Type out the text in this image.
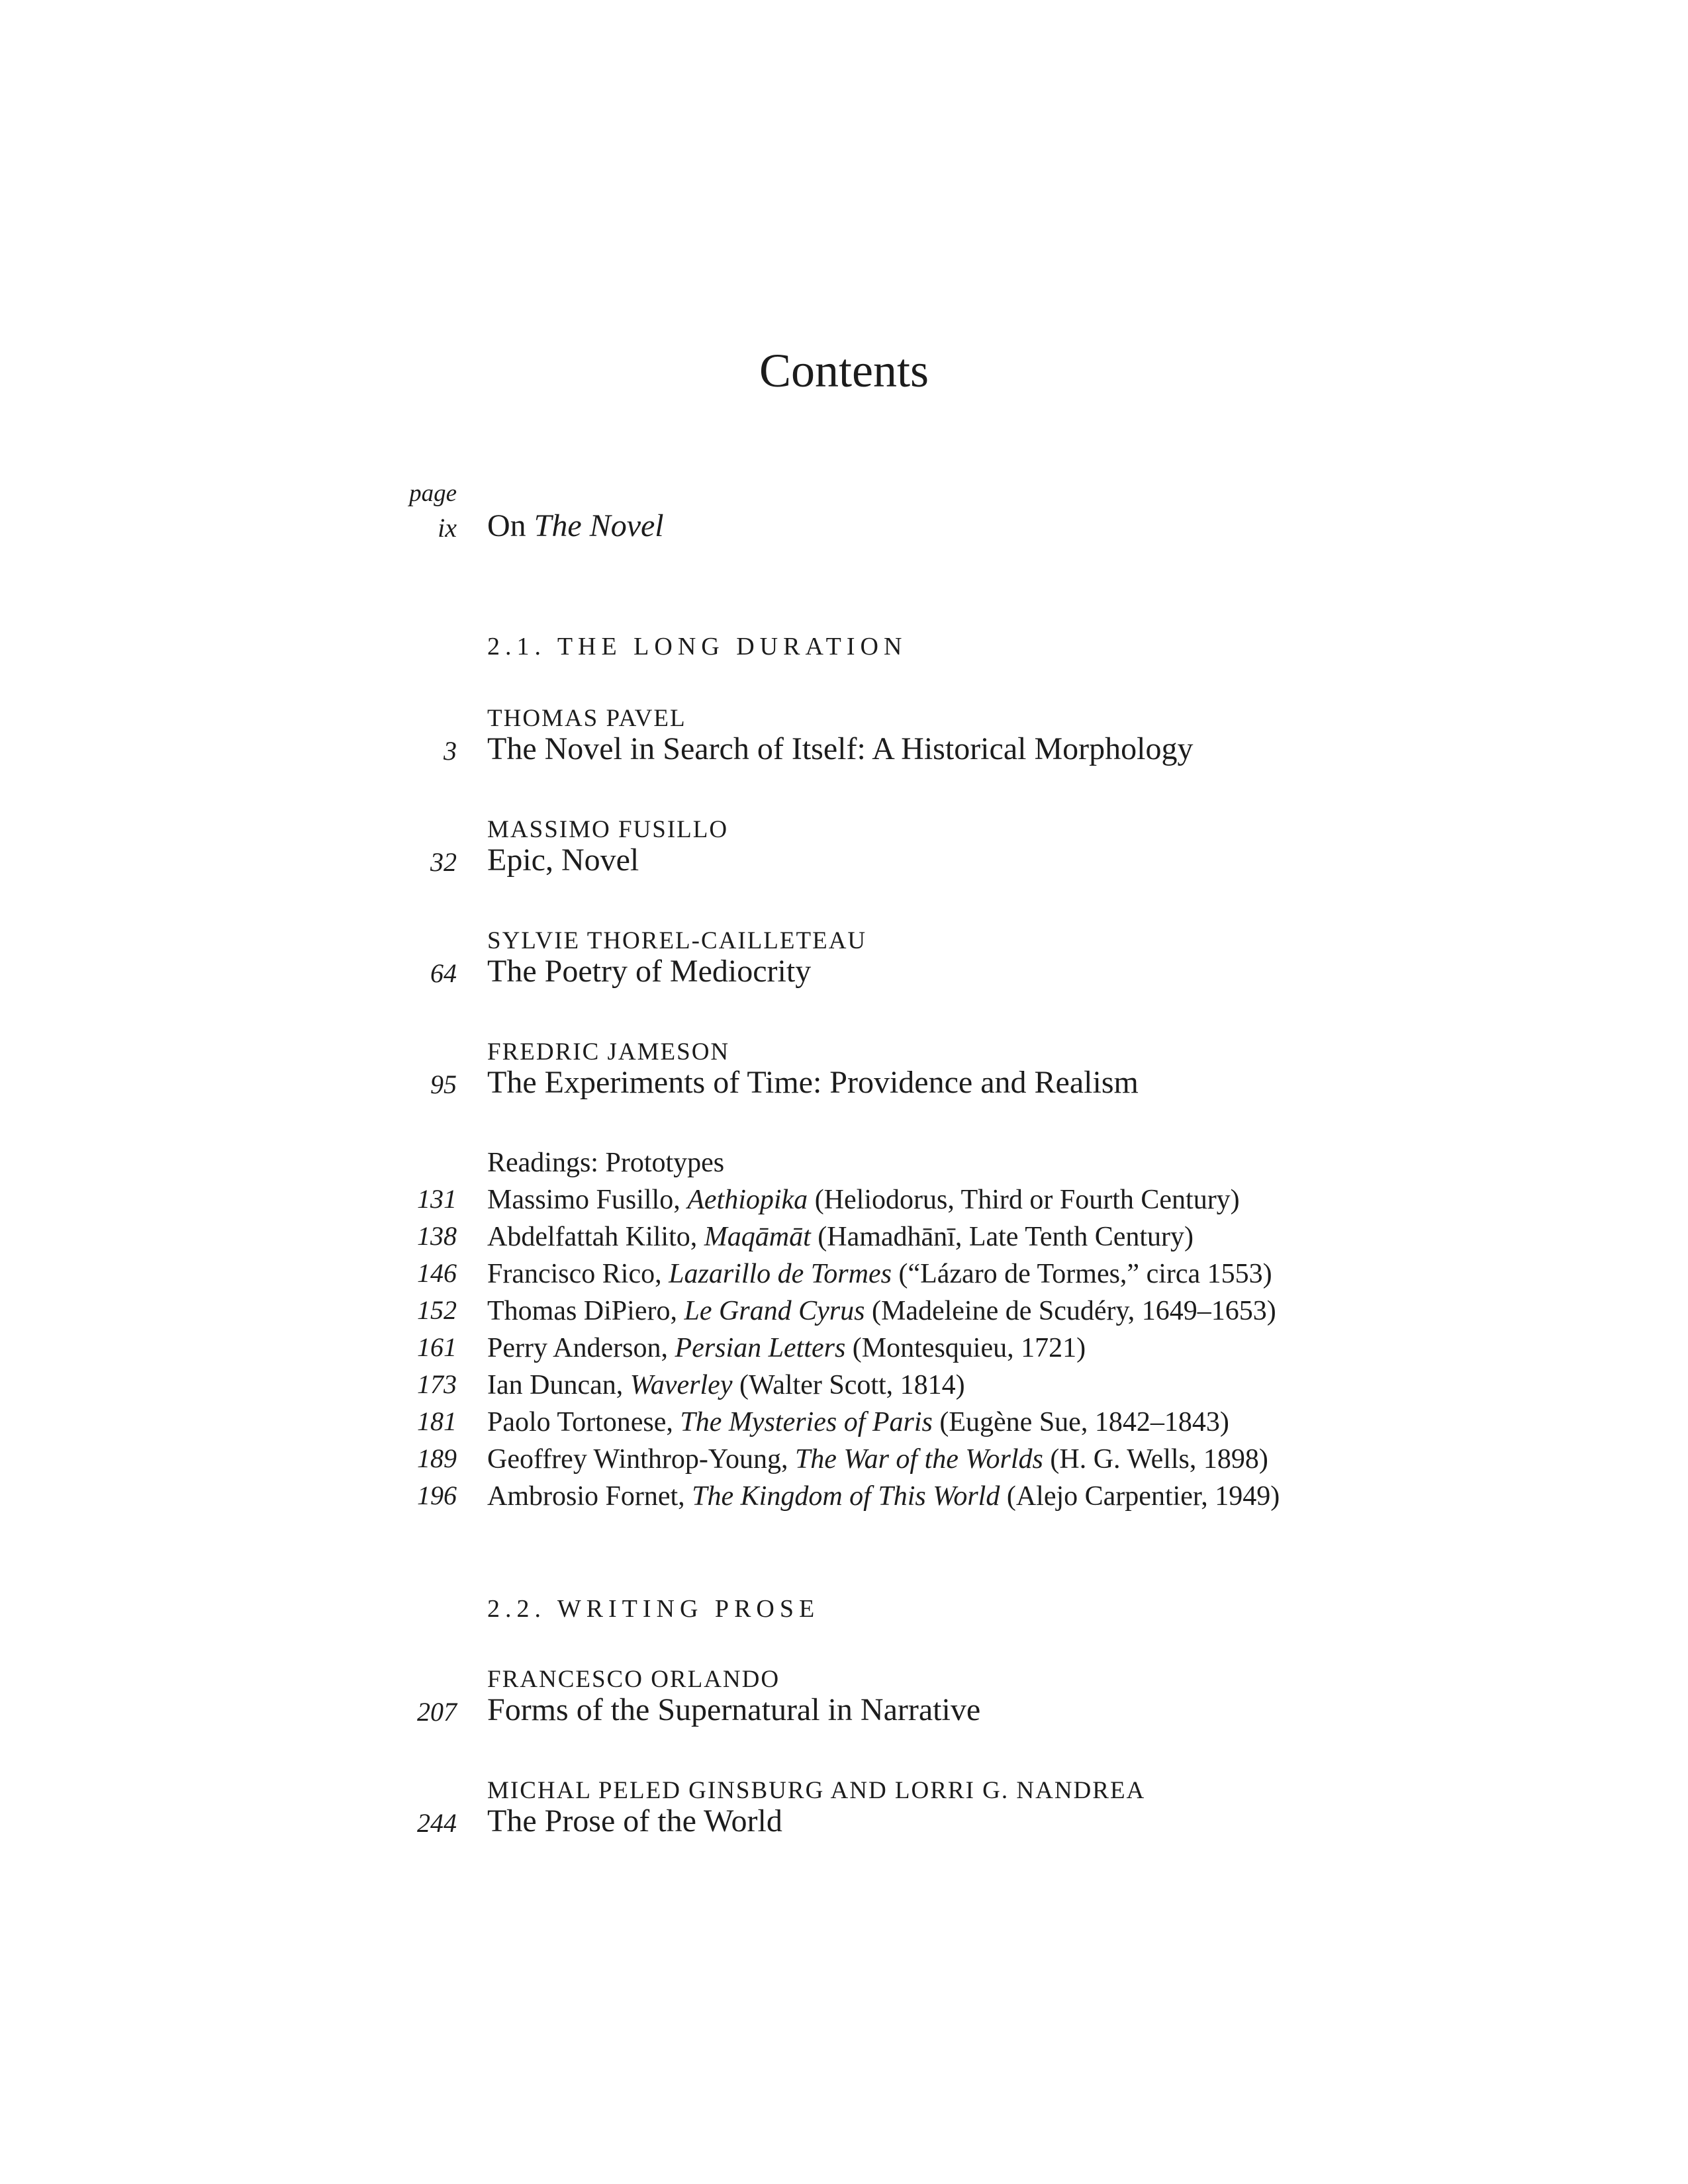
Contents
page
ix On The Novel
2.1. THE LONG DURATION
THOMAS PAVEL
3 The Novel in Search of Itself: A Historical Morphology
MASSIMO FUSILLO
32 Epic, Novel
SYLVIE THOREL-CAILLETEAU
64 The Poetry of Mediocrity
FREDRIC JAMESON
95 The Experiments of Time: Providence and Realism
Readings: Prototypes
131 Massimo Fusillo, Aethiopika (Heliodorus, Third or Fourth Century)
138 Abdelfattah Kilito, Maqāmāt (Hamadhānī, Late Tenth Century)
146 Francisco Rico, Lazarillo de Tormes (“Lázaro de Tormes,” circa 1553)
152 Thomas DiPiero, Le Grand Cyrus (Madeleine de Scudéry, 1649–1653)
161 Perry Anderson, Persian Letters (Montesquieu, 1721)
173 Ian Duncan, Waverley (Walter Scott, 1814)
181 Paolo Tortonese, The Mysteries of Paris (Eugène Sue, 1842–1843)
189 Geoffrey Winthrop-Young, The War of the Worlds (H. G. Wells, 1898)
196 Ambrosio Fornet, The Kingdom of This World (Alejo Carpentier, 1949)
2.2. WRITING PROSE
FRANCESCO ORLANDO
207 Forms of the Supernatural in Narrative
MICHAL PELED GINSBURG AND LORRI G. NANDREA
244 The Prose of the World
